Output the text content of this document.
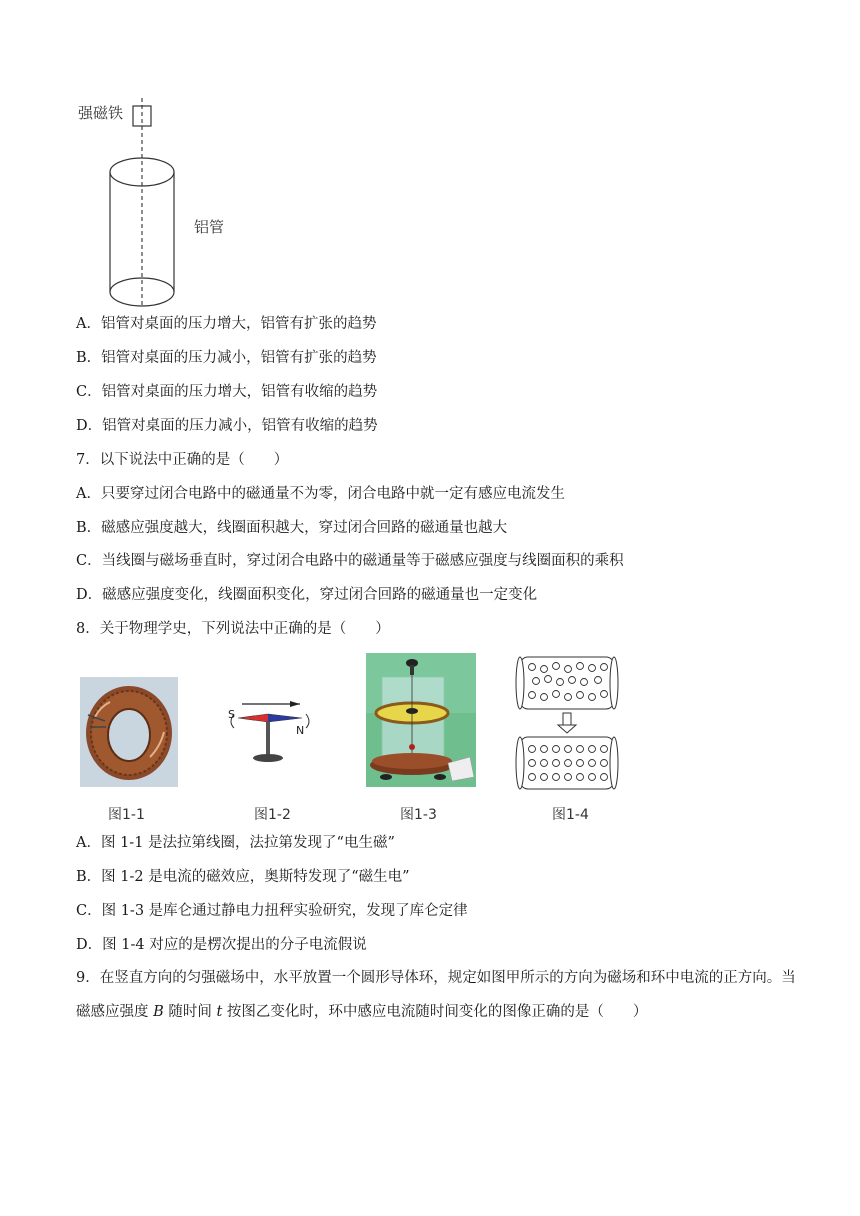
强磁铁
铝管
A．铝管对桌面的压力增大，铝管有扩张的趋势
B．铝管对桌面的压力减小，铝管有扩张的趋势
C．铝管对桌面的压力增大，铝管有收缩的趋势
D．铝管对桌面的压力减小，铝管有收缩的趋势
7．以下说法中正确的是（　　）
A．只要穿过闭合电路中的磁通量不为零，闭合电路中就一定有感应电流发生
B．磁感应强度越大，线圈面积越大，穿过闭合回路的磁通量也越大
C．当线圈与磁场垂直时，穿过闭合电路中的磁通量等于磁感应强度与线圈面积的乘积
D．磁感应强度变化，线圈面积变化，穿过闭合回路的磁通量也一定变化
8．关于物理学史，下列说法中正确的是（　　）
S
N
图1-1	图1-2	图1-3	图1-4
A．图 1-1 是法拉第线圈，法拉第发现了“电生磁”
B．图 1-2 是电流的磁效应，奥斯特发现了“磁生电”
C．图 1-3 是库仑通过静电力扭秤实验研究，发现了库仑定律
D．图 1-4 对应的是楞次提出的分子电流假说
9．在竖直方向的匀强磁场中，水平放置一个圆形导体环，规定如图甲所示的方向为磁场和环中电流的正方向。当磁感应强度 B 随时间 t 按图乙变化时，环中感应电流随时间变化的图像正确的是（　　）
